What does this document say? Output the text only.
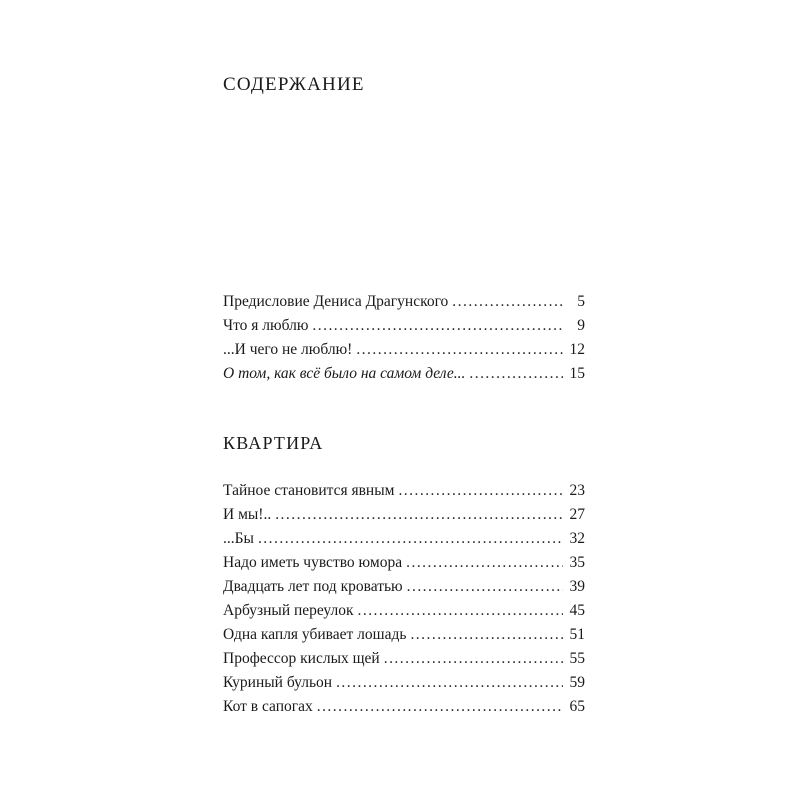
СОДЕРЖАНИЕ
Предисловие Дениса Драгунского . . .	5
Что я люблю . . .	9
...И чего не люблю! . . .	12
О том, как всё было на самом деле... . . .	15
КВАРТИРА
Тайное становится явным . . .	23
И мы!.. . . .	27
...Бы . . .	32
Надо иметь чувство юмора . . .	35
Двадцать лет под кроватью . . .	39
Арбузный переулок . . .	45
Одна капля убивает лошадь . . .	51
Профессор кислых щей . . .	55
Куриный бульон . . .	59
Кот в сапогах . . .	65
